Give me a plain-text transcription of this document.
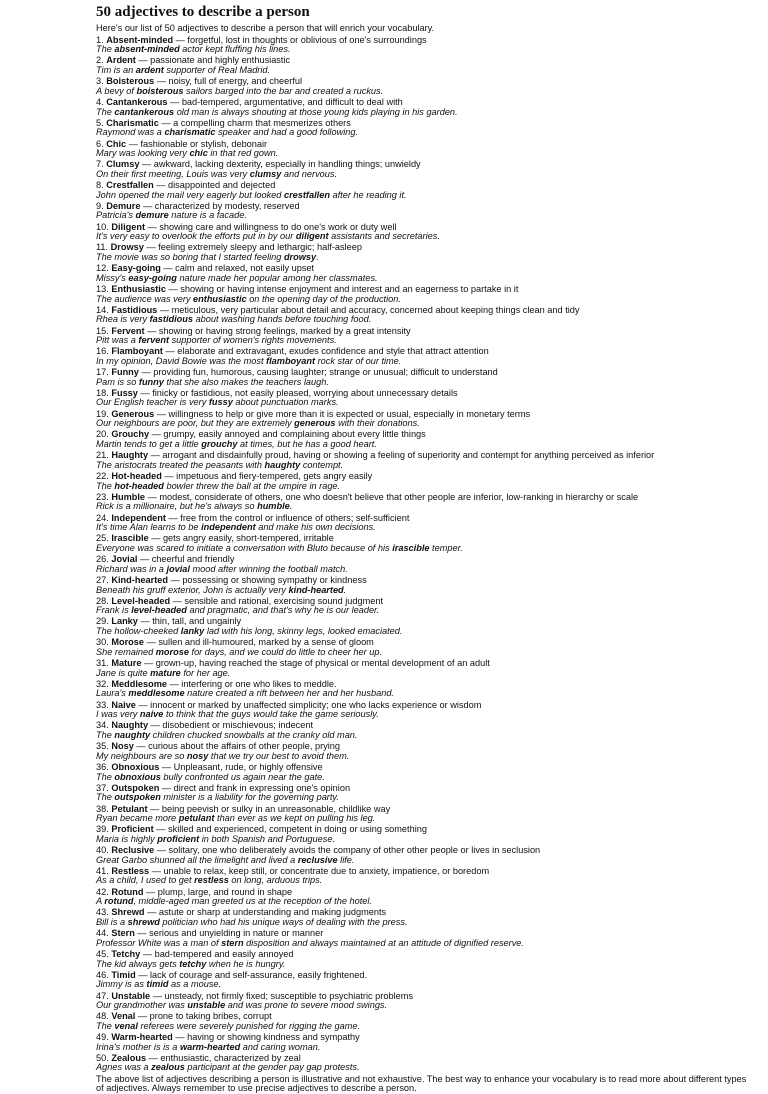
50 adjectives to describe a person

Here's our list of 50 adjectives to describe a person that will enrich your vocabulary.

1. Absent-minded — forgetful, lost in thoughts or oblivious of one's surroundings
The absent-minded actor kept fluffing his lines.
2. Ardent — passionate and highly enthusiastic
Tim is an ardent supporter of Real Madrid.
3. Boisterous — noisy, full of energy, and cheerful
A bevy of boisterous sailors barged into the bar and created a ruckus.
4. Cantankerous — bad-tempered, argumentative, and difficult to deal with
The cantankerous old man is always shouting at those young kids playing in his garden.
5. Charismatic — a compelling charm that mesmerizes others
Raymond was a charismatic speaker and had a good following.
6. Chic — fashionable or stylish, debonair
Mary was looking very chic in that red gown.
7. Clumsy — awkward, lacking dexterity, especially in handling things; unwieldy
On their first meeting, Louis was very clumsy and nervous.
8. Crestfallen — disappointed and dejected
John opened the mail very eagerly but looked crestfallen after he reading it.
9. Demure — characterized by modesty, reserved
Patricia's demure nature is a facade.
10. Diligent — showing care and willingness to do one's work or duty well
It's very easy to overlook the efforts put in by our diligent assistants and secretaries.
11. Drowsy — feeling extremely sleepy and lethargic; half-asleep
The movie was so boring that I started feeling drowsy.
12. Easy-going — calm and relaxed, not easily upset
Missy's easy-going nature made her popular among her classmates.
13. Enthusiastic — showing or having intense enjoyment and interest and an eagerness to partake in it
The audience was very enthusiastic on the opening day of the production.
14. Fastidious — meticulous, very particular about detail and accuracy, concerned about keeping things clean and tidy
Rhea is very fastidious about washing hands before touching food.
15. Fervent — showing or having strong feelings, marked by a great intensity
Pitt was a fervent supporter of women's rights movements.
16. Flamboyant — elaborate and extravagant, exudes confidence and style that attract attention
In my opinion, David Bowie was the most flamboyant rock star of our time.
17. Funny — providing fun, humorous, causing laughter; strange or unusual; difficult to understand
Pam is so funny that she also makes the teachers laugh.
18. Fussy — finicky or fastidious, not easily pleased, worrying about unnecessary details
Our English teacher is very fussy about punctuation marks.
19. Generous — willingness to help or give more than it is expected or usual, especially in monetary terms
Our neighbours are poor, but they are extremely generous with their donations.
20. Grouchy — grumpy, easily annoyed and complaining about every little things
Martin tends to get a little grouchy at times, but he has a good heart.
21. Haughty — arrogant and disdainfully proud, having or showing a feeling of superiority and contempt for anything perceived as inferior
The aristocrats treated the peasants with haughty contempt.
22. Hot-headed — impetuous and fiery-tempered, gets angry easily
The hot-headed bowler threw the ball at the umpire in rage.
23. Humble — modest, considerate of others, one who doesn't believe that other people are inferior, low-ranking in hierarchy or scale
Rick is a millionaire, but he's always so humble.
24. Independent — free from the control or influence of others; self-sufficient
It's time Alan learns to be independent and make his own decisions.
25. Irascible — gets angry easily, short-tempered, irritable
Everyone was scared to initiate a conversation with Bluto because of his irascible temper.
26. Jovial — cheerful and friendly
Richard was in a jovial mood after winning the football match.
27. Kind-hearted — possessing or showing sympathy or kindness
Beneath his gruff exterior, John is actually very kind-hearted.
28. Level-headed — sensible and rational, exercising sound judgment
Frank is level-headed and pragmatic, and that's why he is our leader.
29. Lanky — thin, tall, and ungainly
The hollow-cheeked lanky lad with his long, skinny legs, looked emaciated.
30. Morose — sullen and ill-humoured, marked by a sense of gloom
She remained morose for days, and we could do little to cheer her up.
31. Mature — grown-up, having reached the stage of physical or mental development of an adult
Jane is quite mature for her age.
32. Meddlesome — interfering or one who likes to meddle.
Laura's meddlesome nature created a rift between her and her husband.
33. Naive — innocent or marked by unaffected simplicity; one who lacks experience or wisdom
I was very naive to think that the guys would take the game seriously.
34. Naughty — disobedient or mischievous; indecent
The naughty children chucked snowballs at the cranky old man.
35. Nosy — curious about the affairs of other people, prying
My neighbours are so nosy that we try our best to avoid them.
36. Obnoxious — Unpleasant, rude, or highly offensive
The obnoxious bully confronted us again near the gate.
37. Outspoken — direct and frank in expressing one's opinion
The outspoken minister is a liability for the governing party.
38. Petulant — being peevish or sulky in an unreasonable, childlike way
Ryan became more petulant than ever as we kept on pulling his leg.
39. Proficient — skilled and experienced, competent in doing or using something
Maria is highly proficient in both Spanish and Portuguese.
40. Reclusive — solitary, one who deliberately avoids the company of other other people or lives in seclusion
Great Garbo shunned all the limelight and lived a reclusive life.
41. Restless — unable to relax, keep still, or concentrate due to anxiety, impatience, or boredom
As a child, I used to get restless on long, arduous trips.
42. Rotund — plump, large, and round in shape
A rotund, middle-aged man greeted us at the reception of the hotel.
43. Shrewd — astute or sharp at understanding and making judgments
Bill is a shrewd politician who had his unique ways of dealing with the press.
44. Stern — serious and unyielding in nature or manner
Professor White was a man of stern disposition and always maintained at an attitude of dignified reserve.
45. Tetchy — bad-tempered and easily annoyed
The kid always gets tetchy when he is hungry.
46. Timid — lack of courage and self-assurance, easily frightened.
Jimmy is as timid as a mouse.
47. Unstable — unsteady, not firmly fixed; susceptible to psychiatric problems
Our grandmother was unstable and was prone to severe mood swings.
48. Venal — prone to taking bribes, corrupt
The venal referees were severely punished for rigging the game.
49. Warm-hearted — having or showing kindness and sympathy
Irina's mother is is a warm-hearted and caring woman.
50. Zealous — enthusiastic, characterized by zeal
Agnes was a zealous participant at the gender pay gap protests.

The above list of adjectives describing a person is illustrative and not exhaustive. The best way to enhance your vocabulary is to read more about different types of adjectives. Always remember to use precise adjectives to describe a person.
